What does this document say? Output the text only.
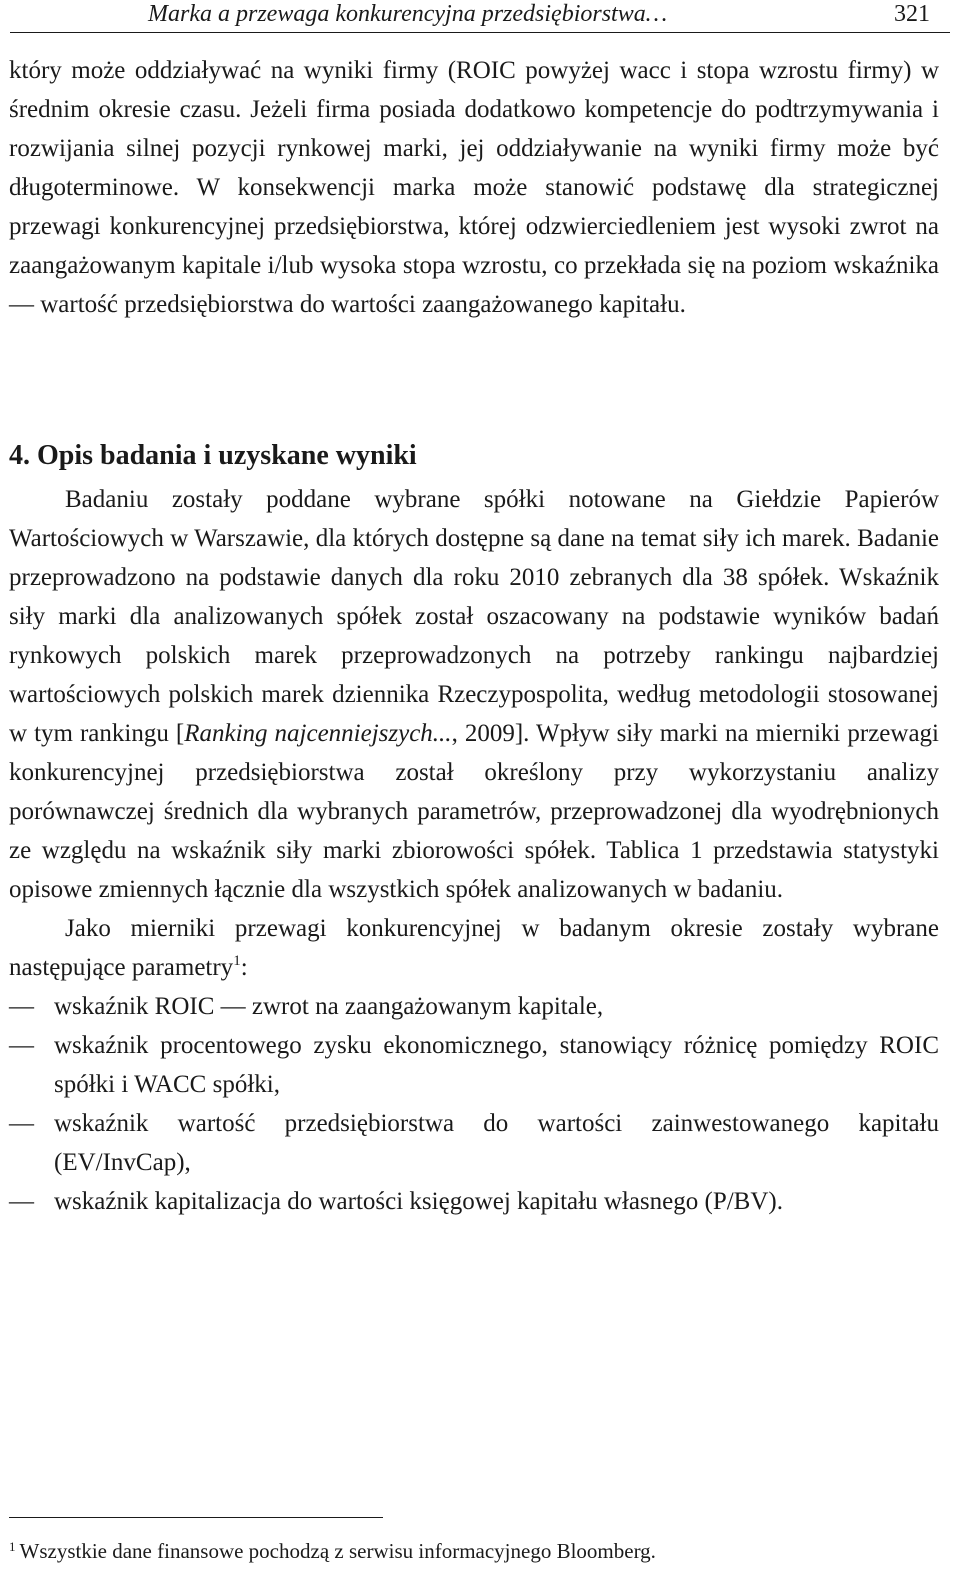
Marka a przewaga konkurencyjna przedsiębiorstwa…	321

który może oddziaływać na wyniki firmy (ROIC powyżej wacc i stopa wzrostu firmy) w średnim okresie czasu. Jeżeli firma posiada dodatkowo kompetencje do podtrzymywania i rozwijania silnej pozycji rynkowej marki, jej oddziaływanie na wyniki firmy może być długoterminowe. W konsekwencji marka może stanowić podstawę dla strategicznej przewagi konkurencyjnej przedsiębiorstwa, której odzwierciedleniem jest wysoki zwrot na zaangażowanym kapitale i/lub wysoka stopa wzrostu, co przekłada się na poziom wskaźnika — wartość przedsiębiorstwa do wartości zaangażowanego kapitału.

4. Opis badania i uzyskane wyniki

Badaniu zostały poddane wybrane spółki notowane na Giełdzie Papierów Wartościowych w Warszawie, dla których dostępne są dane na temat siły ich marek. Badanie przeprowadzono na podstawie danych dla roku 2010 zebranych dla 38 spółek. Wskaźnik siły marki dla analizowanych spółek został oszacowany na podstawie wyników badań rynkowych polskich marek przeprowadzonych na potrzeby rankingu najbardziej wartościowych polskich marek dziennika Rzeczypospolita, według metodologii stosowanej w tym rankingu [Ranking najcenniejszych..., 2009]. Wpływ siły marki na mierniki przewagi konkurencyjnej przedsiębiorstwa został określony przy wykorzystaniu analizy porównawczej średnich dla wybranych parametrów, przeprowadzonej dla wyodrębnionych ze względu na wskaźnik siły marki zbiorowości spółek. Tablica 1 przedstawia statystyki opisowe zmiennych łącznie dla wszystkich spółek analizowanych w badaniu.

Jako mierniki przewagi konkurencyjnej w badanym okresie zostały wybrane następujące parametry$^1$:

— wskaźnik ROIC — zwrot na zaangażowanym kapitale,
— wskaźnik procentowego zysku ekonomicznego, stanowiący różnicę pomiędzy ROIC spółki i WACC spółki,
— wskaźnik wartość przedsiębiorstwa do wartości zainwestowanego kapitału (EV/InvCap),
— wskaźnik kapitalizacja do wartości księgowej kapitału własnego (P/BV).
$^1$ Wszystkie dane finansowe pochodzą z serwisu informacyjnego Bloomberg.
